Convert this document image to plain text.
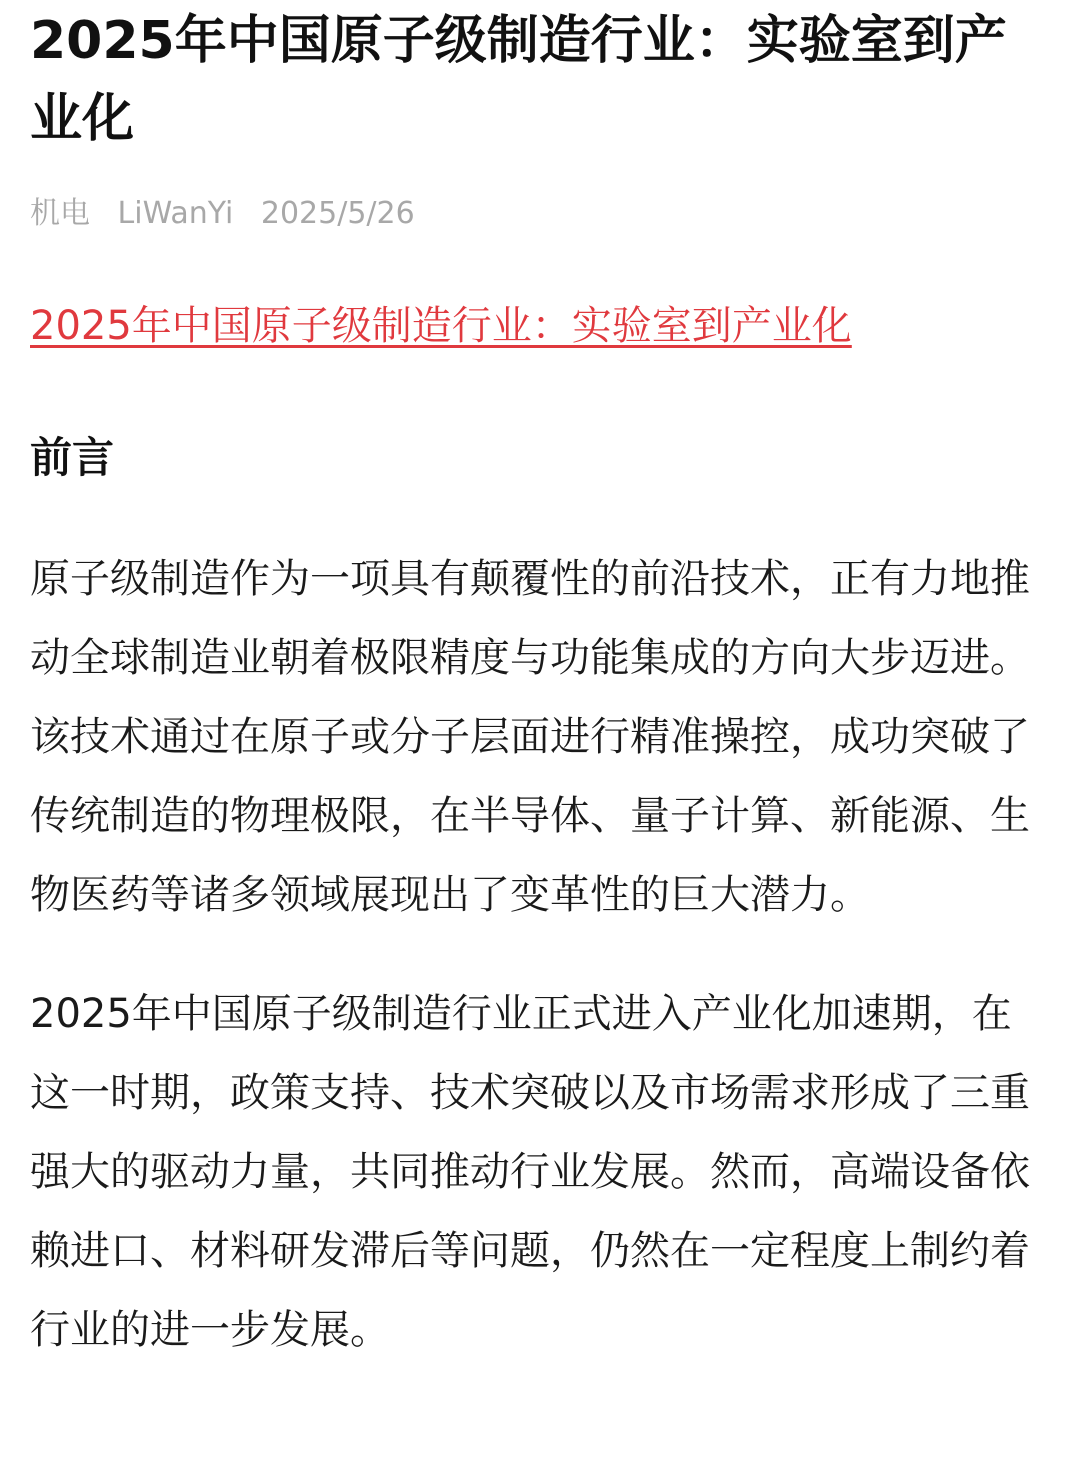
2025年中国原子级制造行业：实验室到产业化
机电 LiWanYi 2025/5/26
2025年中国原子级制造行业：实验室到产业化
前言

原子级制造作为一项具有颠覆性的前沿技术，正有力地推动全球制造业朝着极限精度与功能集成的方向大步迈进。该技术通过在原子或分子层面进行精准操控，成功突破了传统制造的物理极限，在半导体、量子计算、新能源、生物医药等诸多领域展现出了变革性的巨大潜力。

2025年中国原子级制造行业正式进入产业化加速期，在这一时期，政策支持、技术突破以及市场需求形成了三重强大的驱动力量，共同推动行业发展。然而，高端设备依赖进口、材料研发滞后等问题，仍然在一定程度上制约着行业的进一步发展。
